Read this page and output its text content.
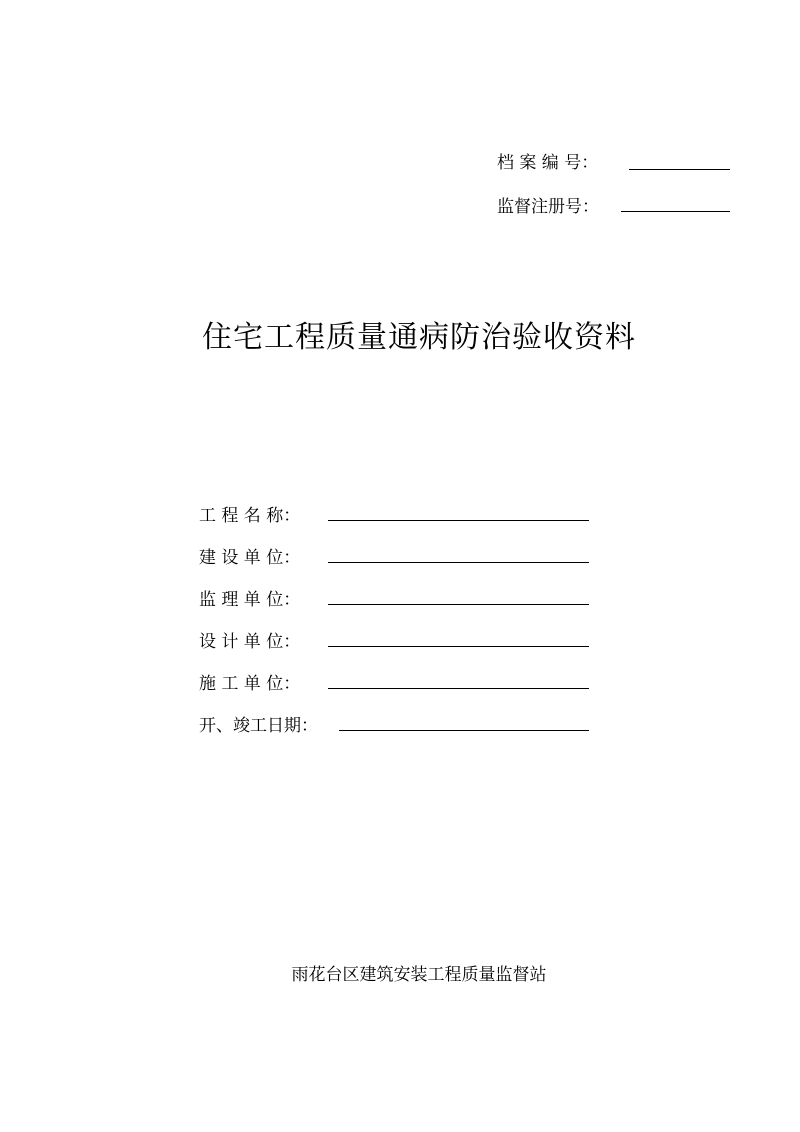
档 案 编 号：
监督注册号：
住宅工程质量通病防治验收资料
工 程 名 称：
建 设 单 位：
监 理 单 位：
设 计 单 位：
施 工 单 位：
开、竣工日期：
雨花台区建筑安装工程质量监督站
